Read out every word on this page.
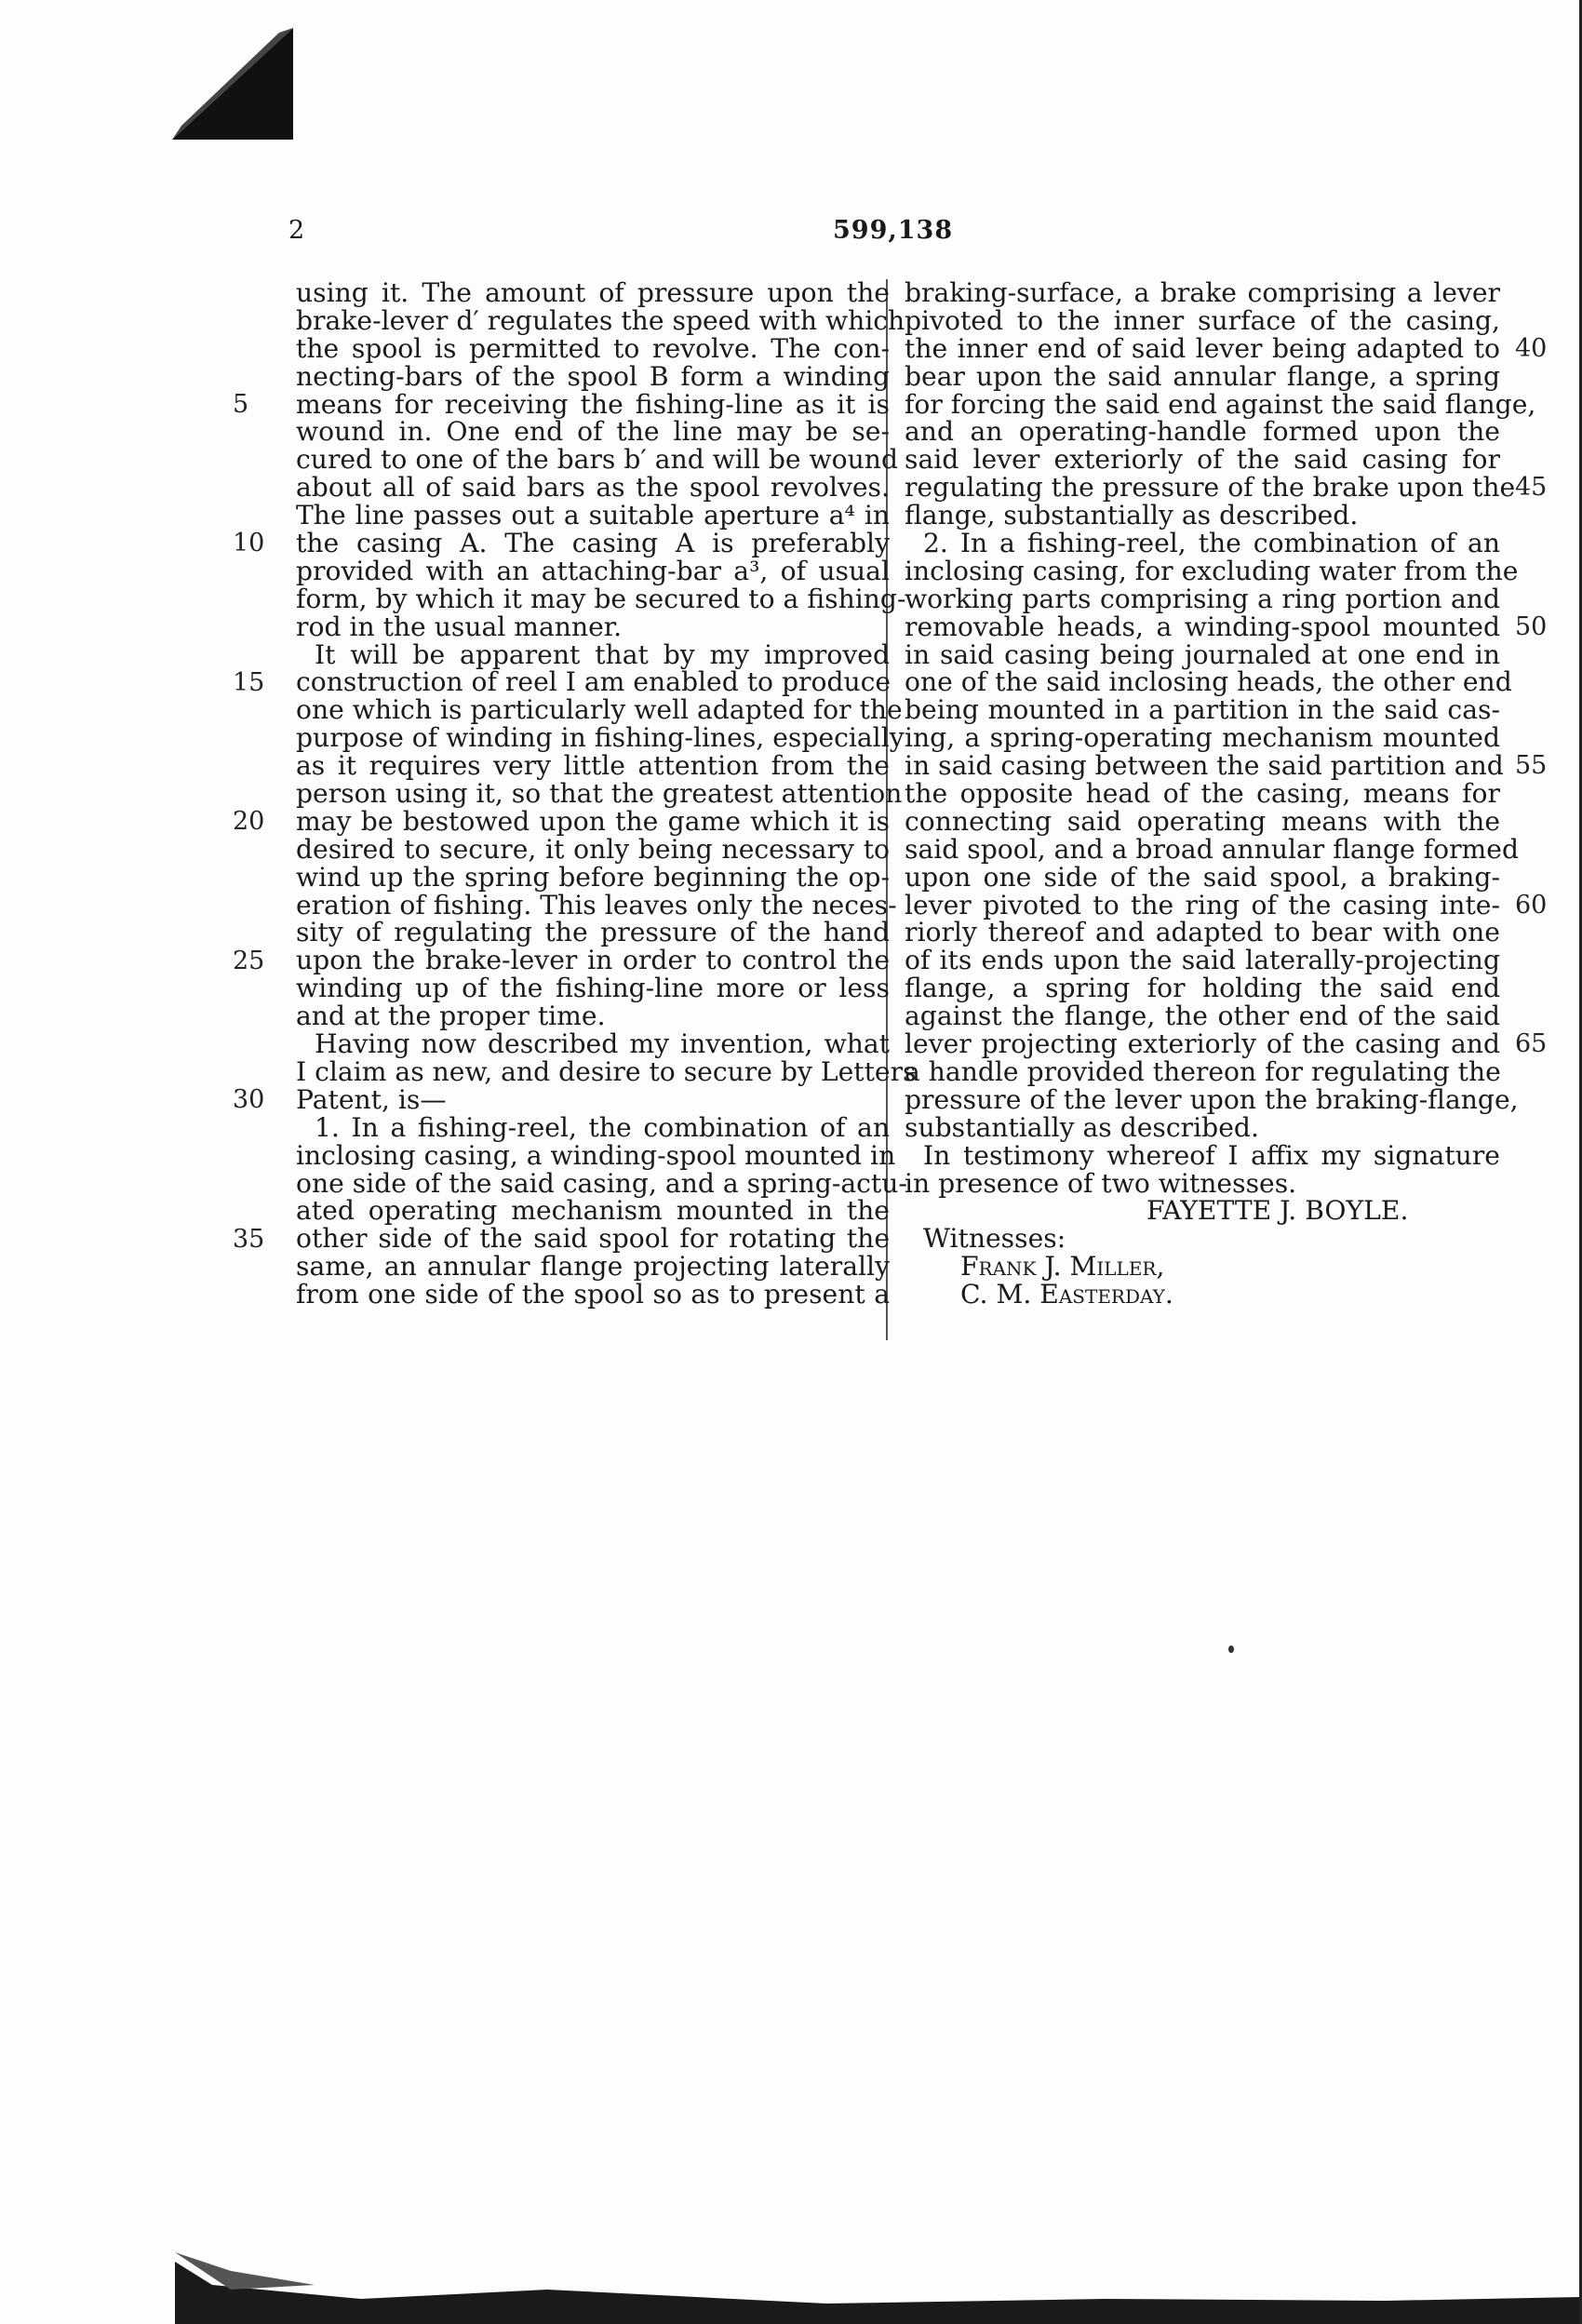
2	599,138
using it. The amount of pressure upon the
brake-lever d′ regulates the speed with which
the spool is permitted to revolve. The con-
necting-bars of the spool B form a winding
means for receiving the fishing-line as it is
wound in. One end of the line may be se-
cured to one of the bars b′ and will be wound
about all of said bars as the spool revolves.
The line passes out a suitable aperture a⁴ in
the casing A. The casing A is preferably
provided with an attaching-bar a³, of usual
form, by which it may be secured to a fishing-
rod in the usual manner.
It will be apparent that by my improved
construction of reel I am enabled to produce
one which is particularly well adapted for the
purpose of winding in fishing-lines, especially
as it requires very little attention from the
person using it, so that the greatest attention
may be bestowed upon the game which it is
desired to secure, it only being necessary to
wind up the spring before beginning the op-
eration of fishing. This leaves only the neces-
sity of regulating the pressure of the hand
upon the brake-lever in order to control the
winding up of the fishing-line more or less
and at the proper time.
Having now described my invention, what
I claim as new, and desire to secure by Letters
Patent, is—
1. In a fishing-reel, the combination of an
inclosing casing, a winding-spool mounted in
one side of the said casing, and a spring-actu-
ated operating mechanism mounted in the
other side of the said spool for rotating the
same, an annular flange projecting laterally
from one side of the spool so as to present a
braking-surface, a brake comprising a lever
pivoted to the inner surface of the casing,
the inner end of said lever being adapted to
bear upon the said annular flange, a spring
for forcing the said end against the said flange,
and an operating-handle formed upon the
said lever exteriorly of the said casing for
regulating the pressure of the brake upon the
flange, substantially as described.
2. In a fishing-reel, the combination of an
inclosing casing, for excluding water from the
working parts comprising a ring portion and
removable heads, a winding-spool mounted
in said casing being journaled at one end in
one of the said inclosing heads, the other end
being mounted in a partition in the said cas-
ing, a spring-operating mechanism mounted
in said casing between the said partition and
the opposite head of the casing, means for
connecting said operating means with the
said spool, and a broad annular flange formed
upon one side of the said spool, a braking-
lever pivoted to the ring of the casing inte-
riorly thereof and adapted to bear with one
of its ends upon the said laterally-projecting
flange, a spring for holding the said end
against the flange, the other end of the said
lever projecting exteriorly of the casing and
a handle provided thereon for regulating the
pressure of the lever upon the braking-flange,
substantially as described.
In testimony whereof I affix my signature
in presence of two witnesses.
FAYETTE J. BOYLE.
Witnesses:
Frank J. Miller,
C. M. Easterday.
5
10
15
20
25
30
35
40
45
50
55
60
65
